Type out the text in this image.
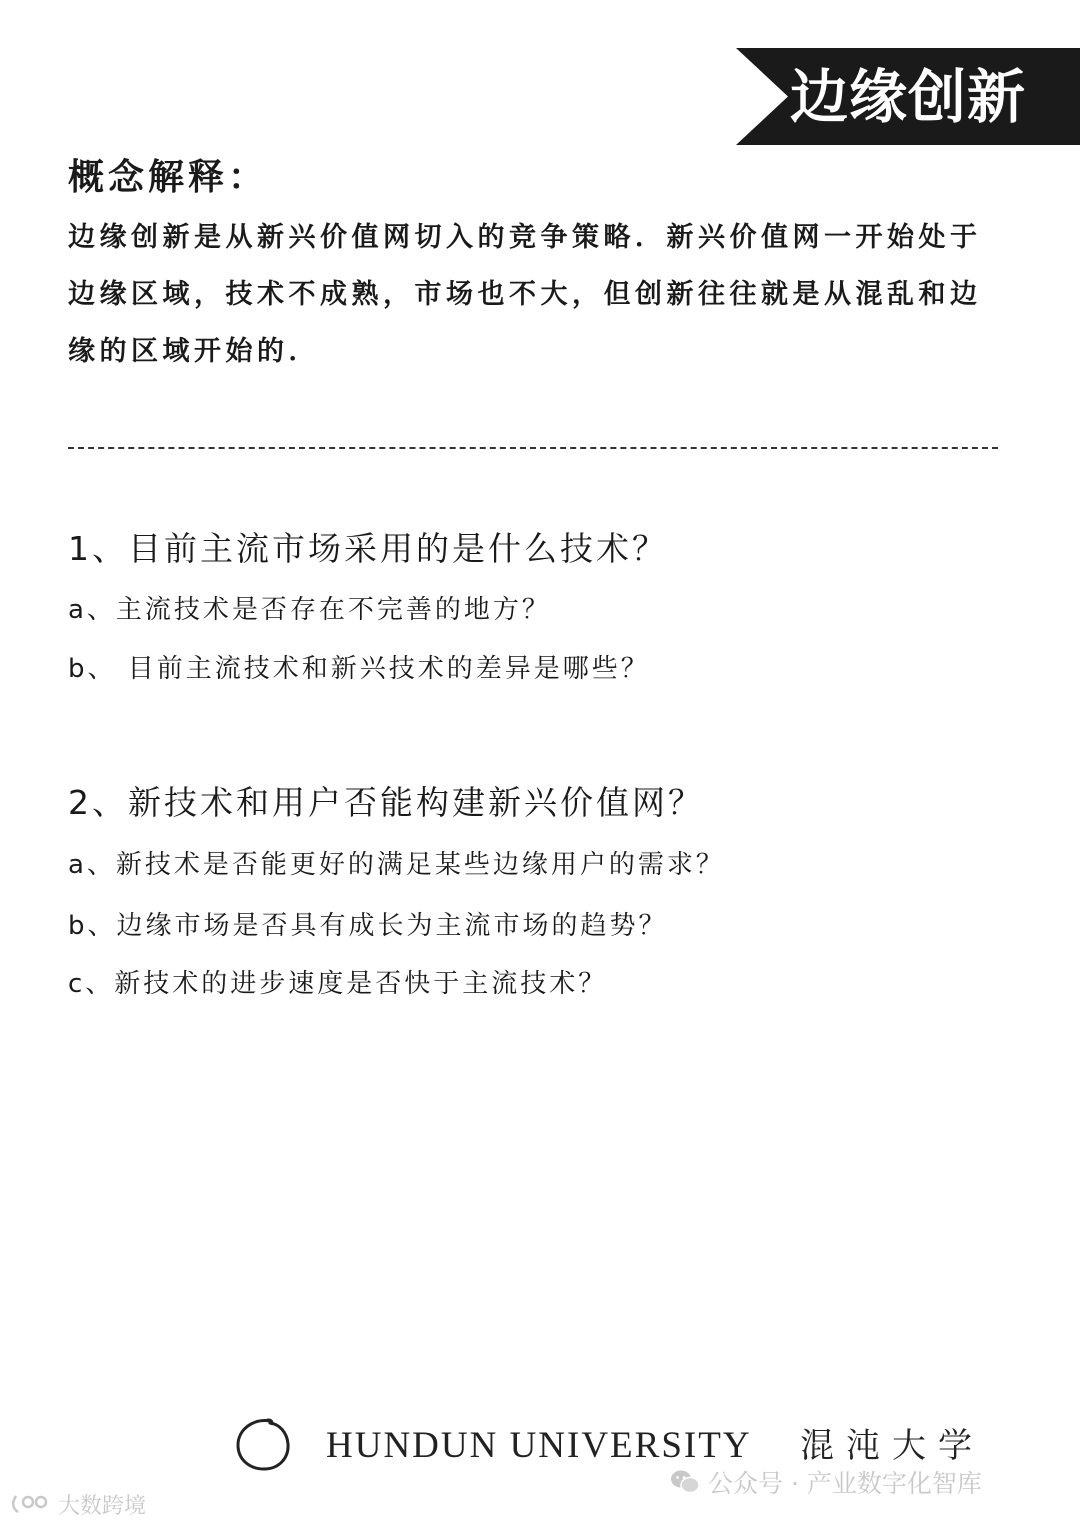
边缘创新
概念解释：
边缘创新是从新兴价值网切入的竞争策略．新兴价值网一开始处于
边缘区域，技术不成熟，市场也不大，但创新往往就是从混乱和边
缘的区域开始的．
1、目前主流市场采用的是什么技术？
a、主流技术是否存在不完善的地方？
b、 目前主流技术和新兴技术的差异是哪些？
2、新技术和用户否能构建新兴价值网？
a、新技术是否能更好的满足某些边缘用户的需求？
b、边缘市场是否具有成长为主流市场的趋势？
c、新技术的进步速度是否快于主流技术？
HUNDUN UNIVERSITY 混沌大学
公众号 · 产业数字化智库
大数跨境
